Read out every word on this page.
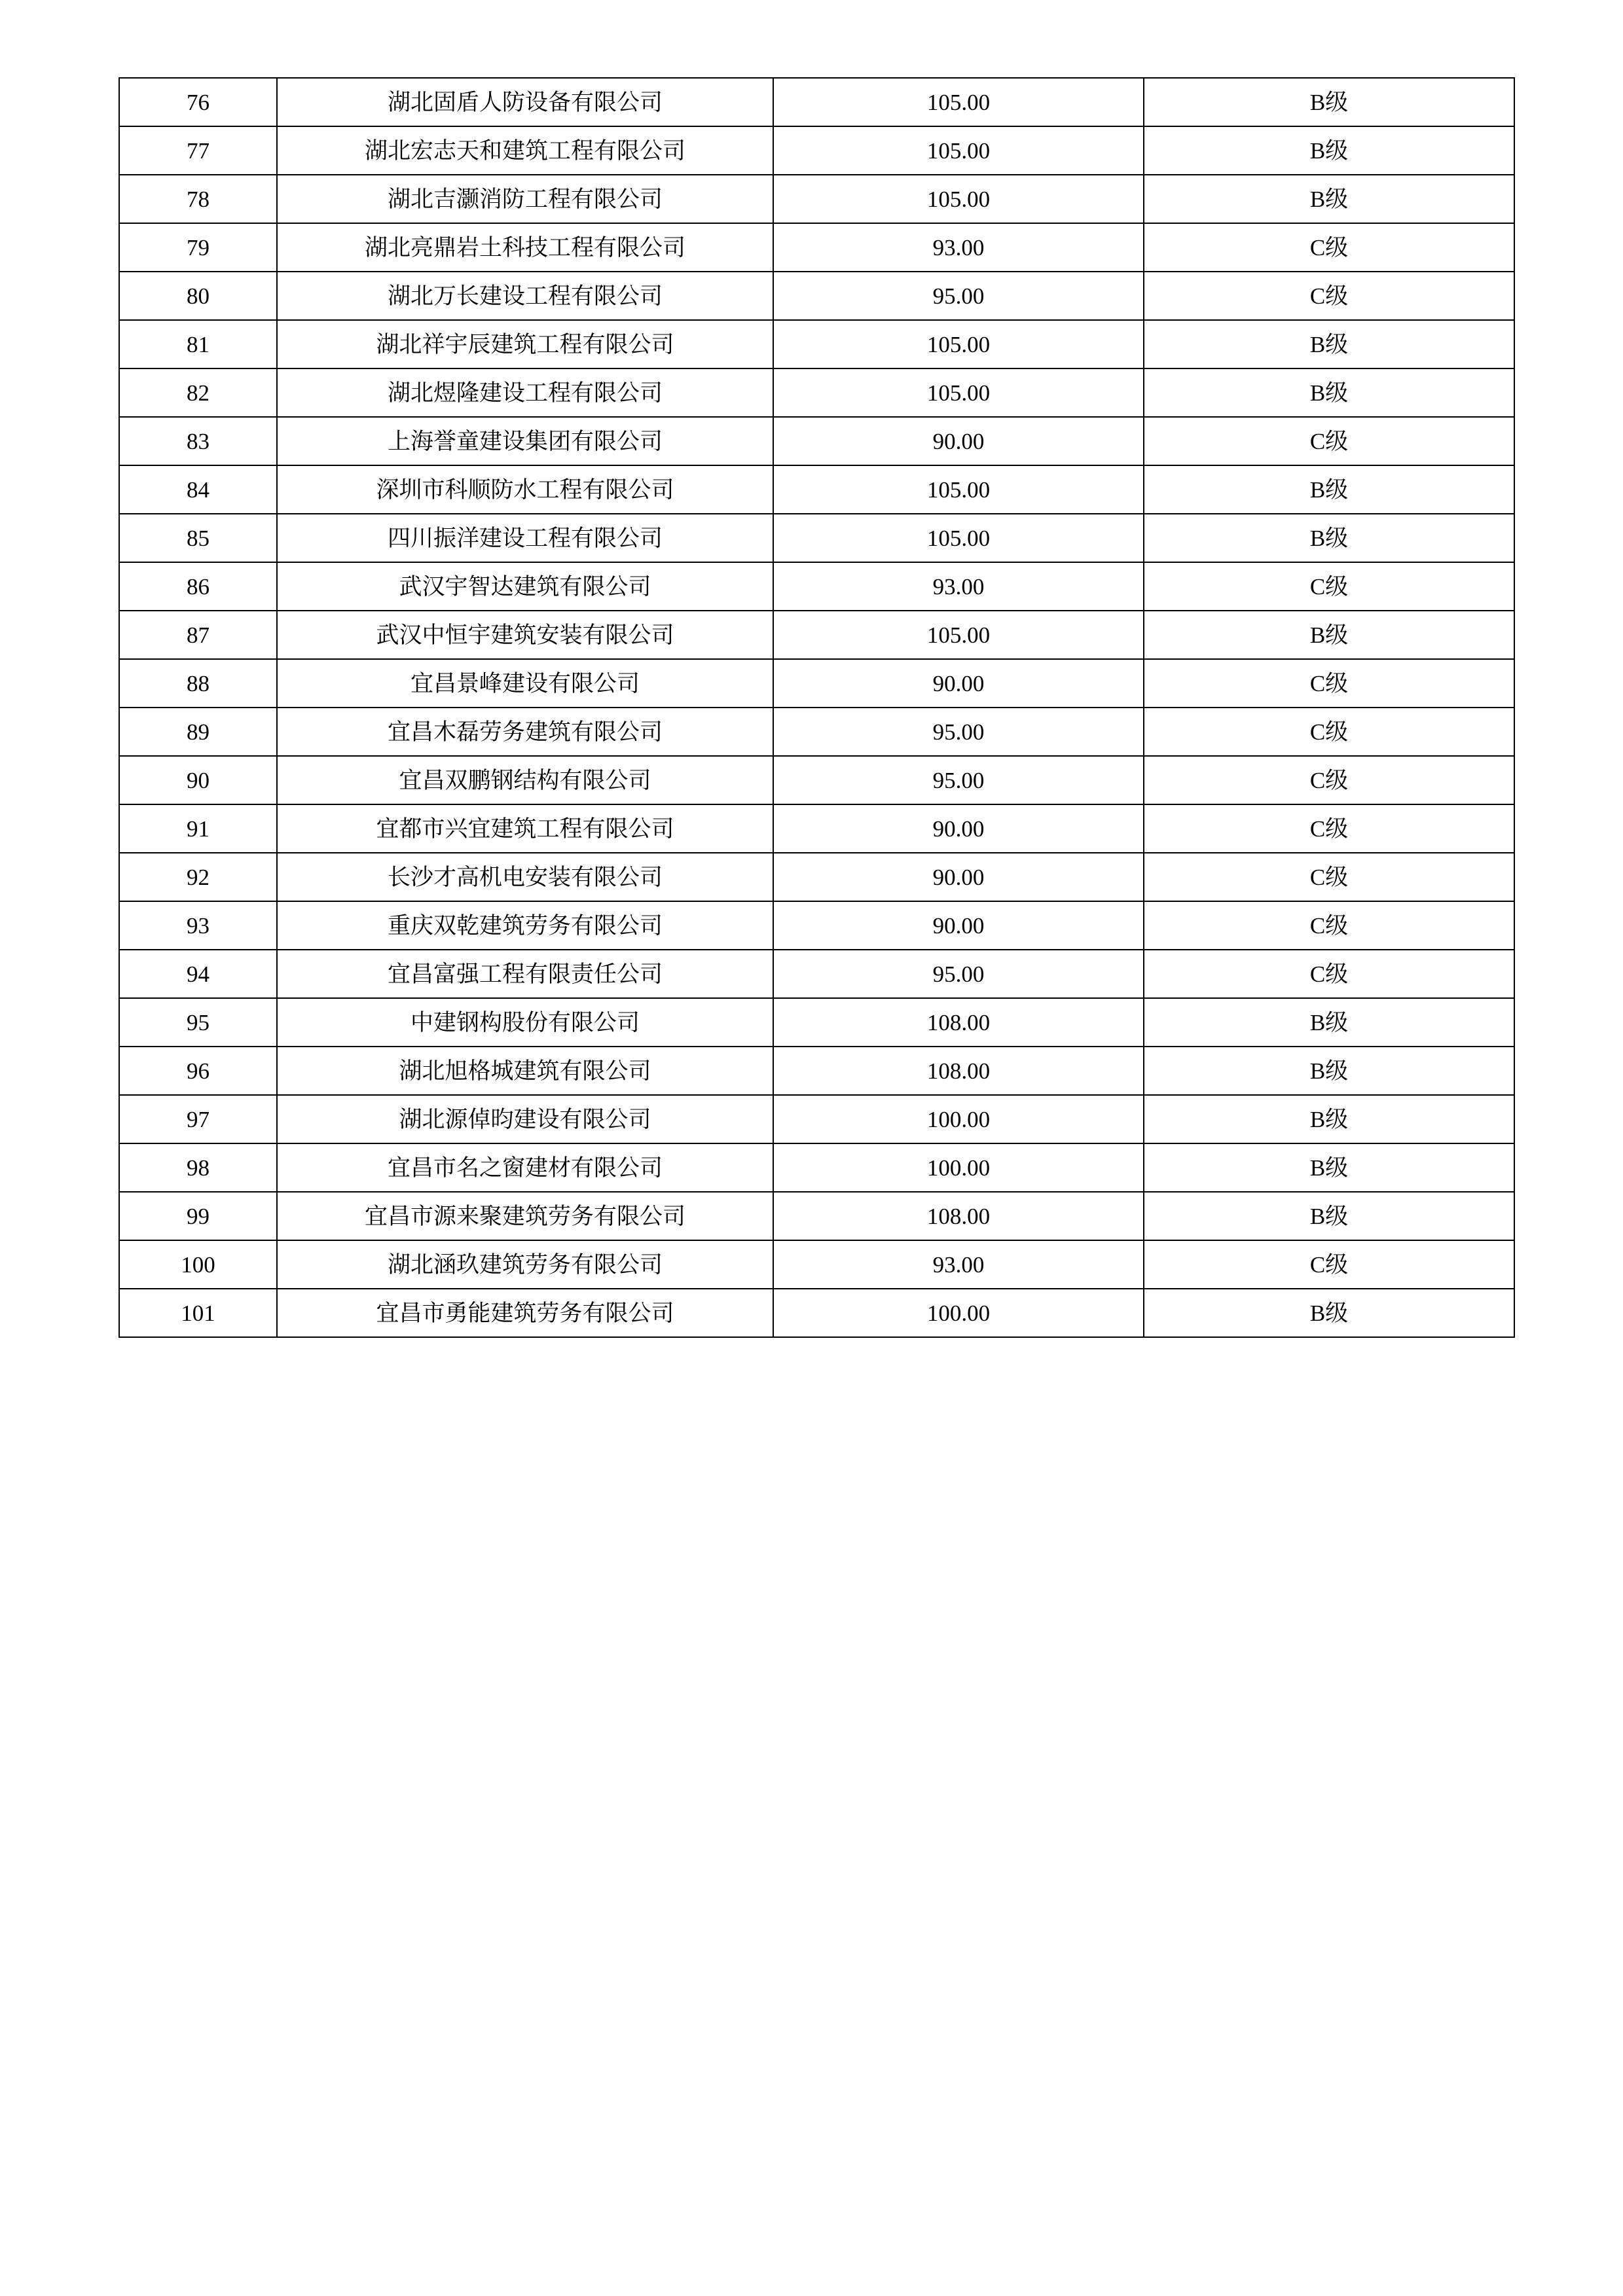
76	湖北固盾人防设备有限公司	105.00	B级
77	湖北宏志天和建筑工程有限公司	105.00	B级
78	湖北吉灏消防工程有限公司	105.00	B级
79	湖北亮鼎岩土科技工程有限公司	93.00	C级
80	湖北万长建设工程有限公司	95.00	C级
81	湖北祥宇辰建筑工程有限公司	105.00	B级
82	湖北煜隆建设工程有限公司	105.00	B级
83	上海誉童建设集团有限公司	90.00	C级
84	深圳市科顺防水工程有限公司	105.00	B级
85	四川振洋建设工程有限公司	105.00	B级
86	武汉宇智达建筑有限公司	93.00	C级
87	武汉中恒宇建筑安装有限公司	105.00	B级
88	宜昌景峰建设有限公司	90.00	C级
89	宜昌木磊劳务建筑有限公司	95.00	C级
90	宜昌双鹏钢结构有限公司	95.00	C级
91	宜都市兴宜建筑工程有限公司	90.00	C级
92	长沙才高机电安装有限公司	90.00	C级
93	重庆双乾建筑劳务有限公司	90.00	C级
94	宜昌富强工程有限责任公司	95.00	C级
95	中建钢构股份有限公司	108.00	B级
96	湖北旭格城建筑有限公司	108.00	B级
97	湖北源倬昀建设有限公司	100.00	B级
98	宜昌市名之窗建材有限公司	100.00	B级
99	宜昌市源来聚建筑劳务有限公司	108.00	B级
100	湖北涵玖建筑劳务有限公司	93.00	C级
101	宜昌市勇能建筑劳务有限公司	100.00	B级
